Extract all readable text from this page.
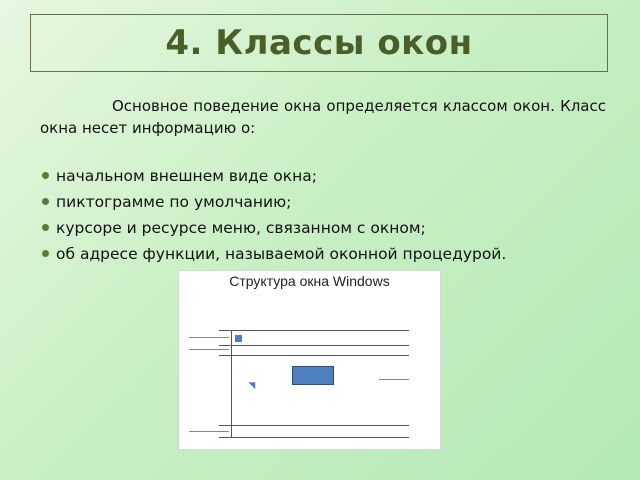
4. Классы окон

Основное поведение окна определяется классом окон. Класс окна несет информацию о:

начальном внешнем виде окна;
пиктограмме по умолчанию;
курсоре и ресурсе меню, связанном с окном;
об адресе функции, называемой оконной процедурой.
Структура окна Windows
